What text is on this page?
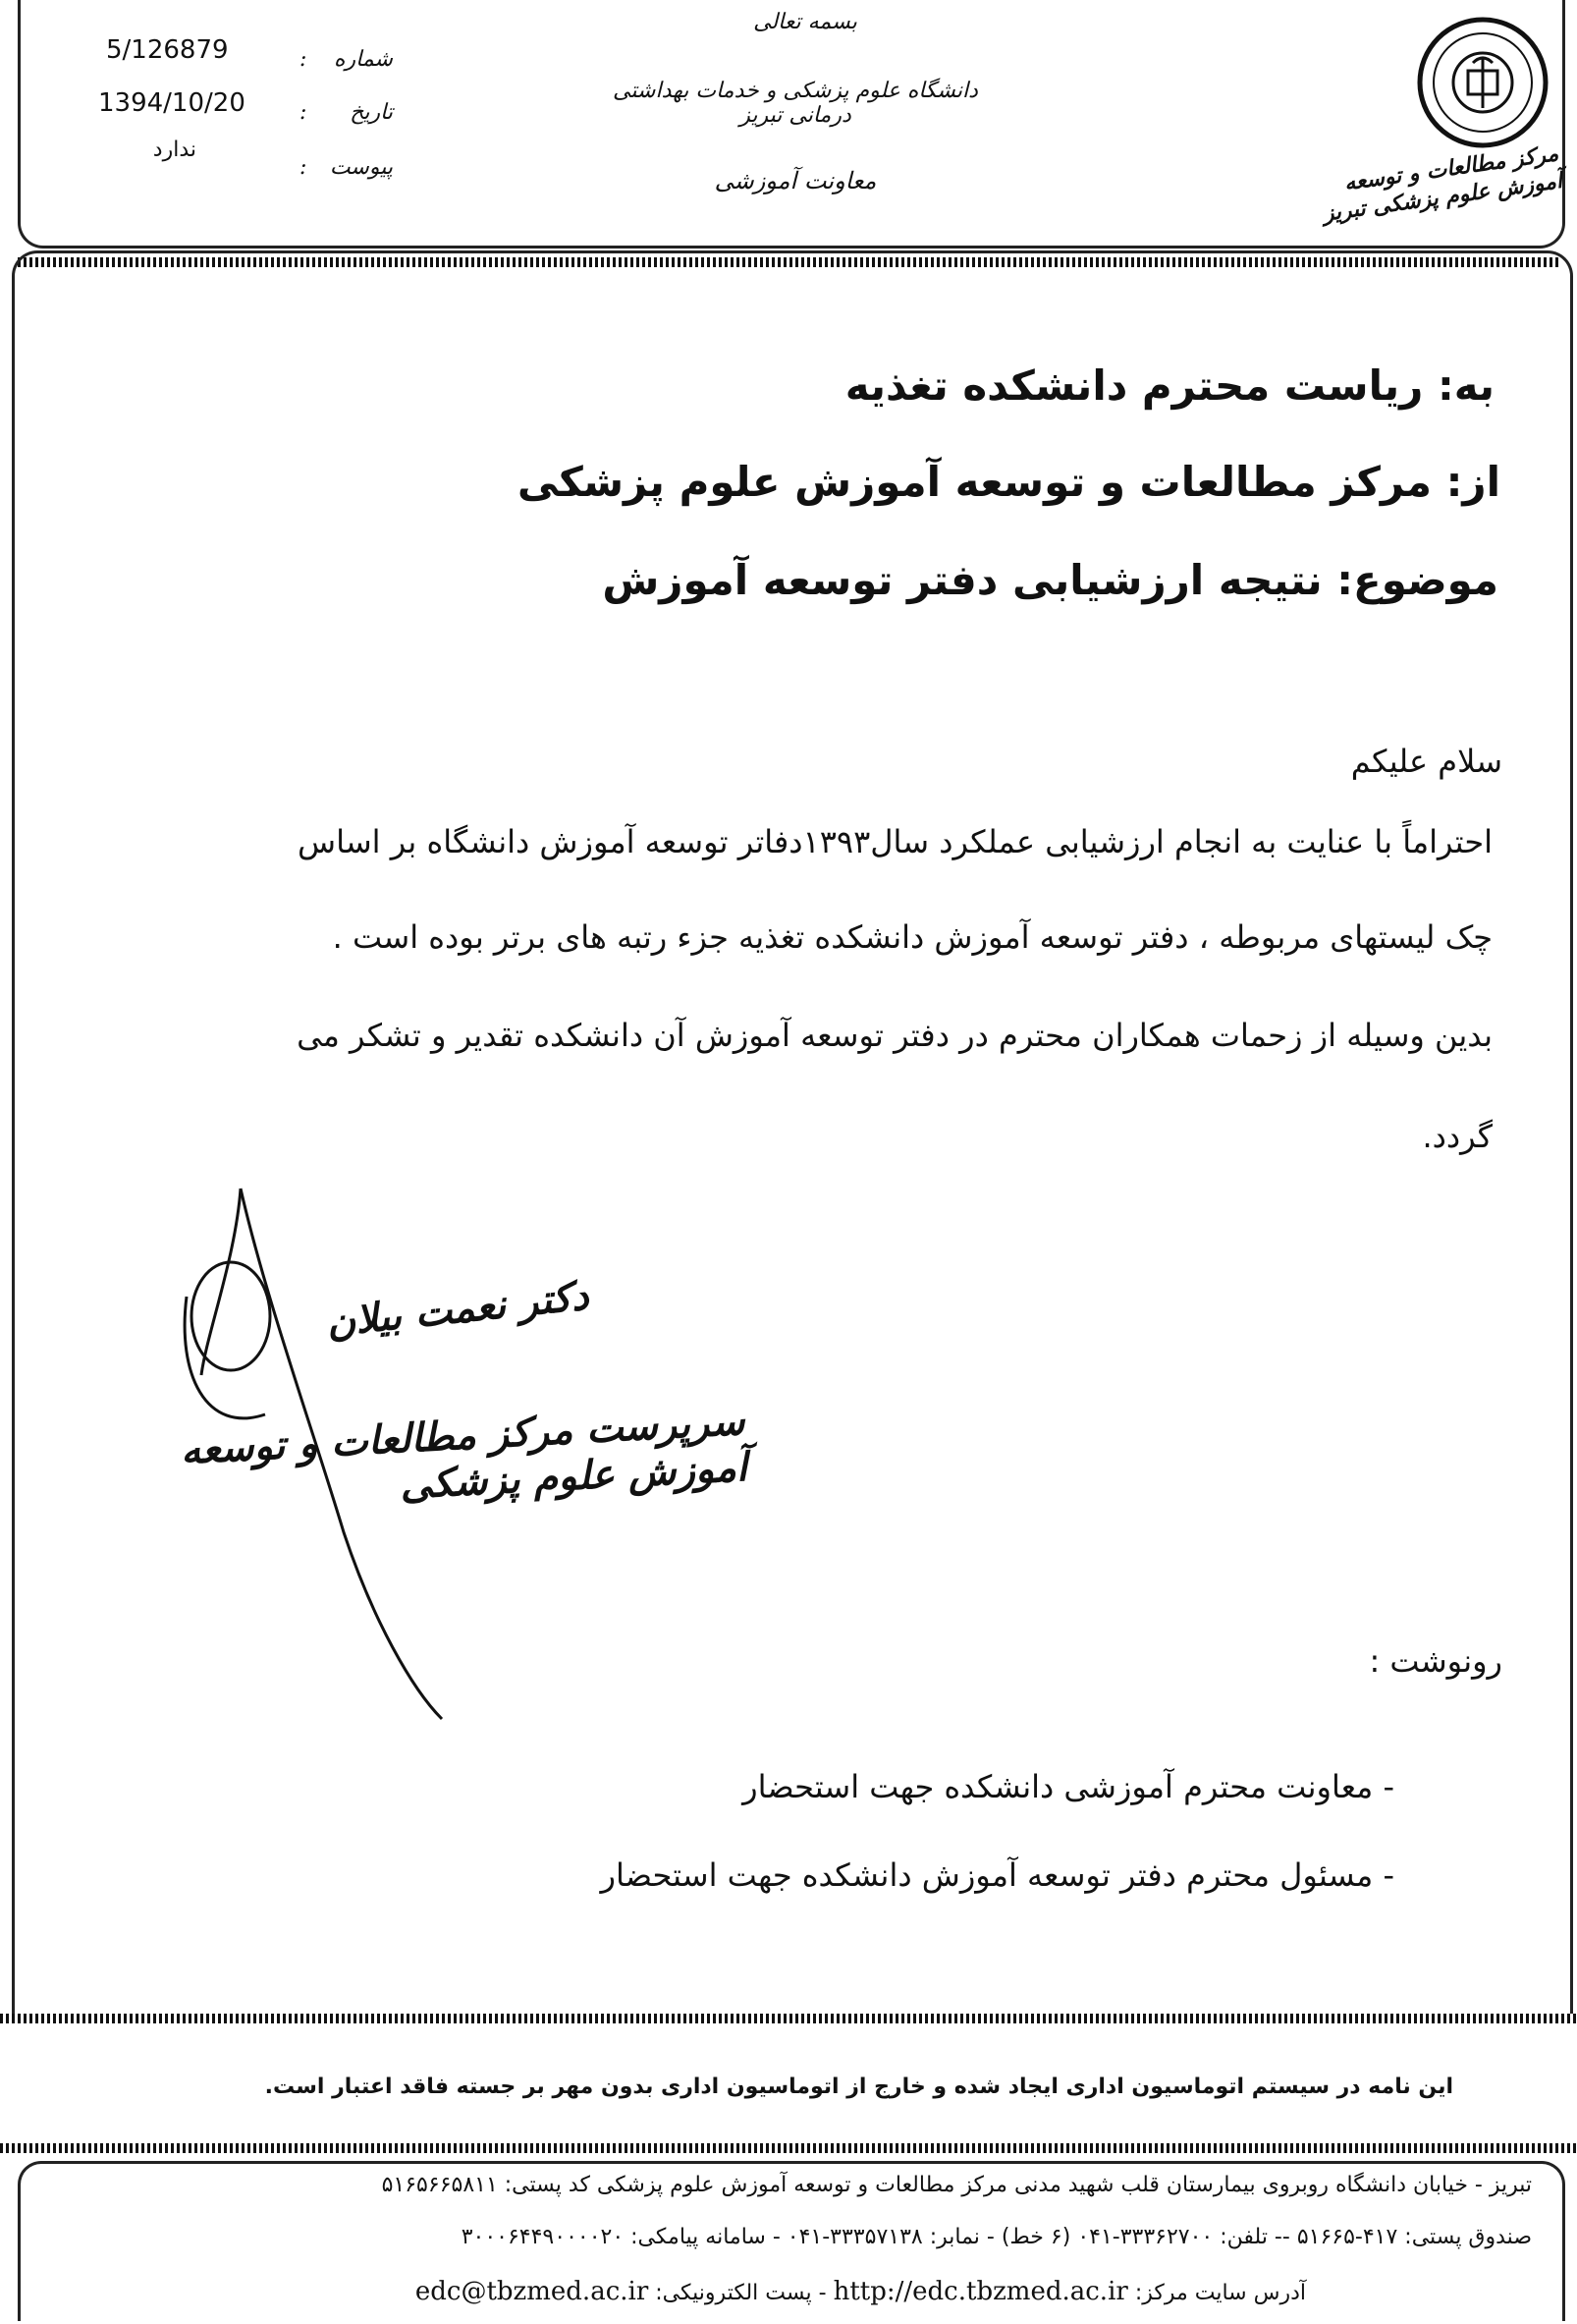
مرکز مطالعات و توسعه آموزش علوم پزشکی تبریز
بسمه تعالی
دانشگاه علوم پزشکی و خدمات بهداشتی درمانی تبریز
معاونت آموزشی
شماره
:
5/126879
تاریخ
:
1394/10/20
پیوست
:
ندارد
به: ریاست محترم دانشکده تغذیه
از: مرکز مطالعات و توسعه آموزش علوم پزشکی
موضوع: نتیجه ارزشیابی دفتر توسعه آموزش
سلام علیکم
احتراماً با عنایت به انجام ارزشیابی عملکرد سال۱۳۹۳دفاتر توسعه آموزش دانشگاه بر اساس
چک لیستهای مربوطه ، دفتر توسعه آموزش دانشکده تغذیه جزء رتبه های برتر بوده است .
بدین وسیله از زحمات همکاران محترم در دفتر توسعه آموزش آن دانشکده تقدیر و تشکر می
گردد.
دکتر نعمت بیلان
سرپرست مرکز مطالعات و توسعه آموزش علوم پزشکی
رونوشت :
- معاونت محترم آموزشی دانشکده جهت استحضار
- مسئول محترم دفتر توسعه آموزش دانشکده جهت استحضار
این نامه در سیستم اتوماسیون اداری ایجاد شده و خارج از اتوماسیون اداری بدون مهر بر جسته فاقد اعتبار است.
تبریز - خیابان دانشگاه روبروی بیمارستان قلب شهید مدنی مرکز مطالعات و توسعه آموزش علوم پزشکی کد پستی: ۵۱۶۵۶۶۵۸۱۱
صندوق پستی: ۴۱۷-۵۱۶۶۵ -- تلفن: ۳۳۳۶۲۷۰۰-۰۴۱ (۶ خط) - نمابر: ۳۳۳۵۷۱۳۸-۰۴۱ - سامانه پیامکی: ۳۰۰۰۶۴۴۹۰۰۰۰۲۰
آدرس سایت مرکز: http://edc.tbzmed.ac.ir - پست الکترونیکی: edc@tbzmed.ac.ir
